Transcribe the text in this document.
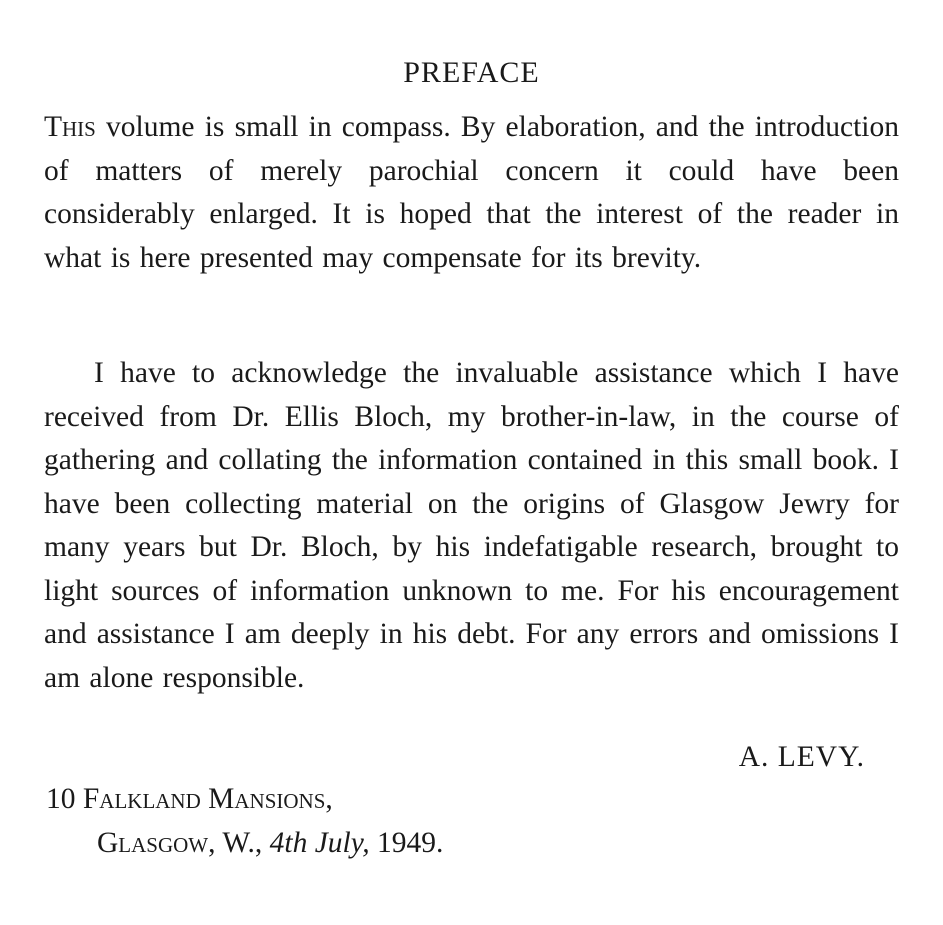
PREFACE

This volume is small in compass. By elaboration, and the introduction of matters of merely parochial concern it could have been considerably enlarged. It is hoped that the interest of the reader in what is here presented may compensate for its brevity.

I have to acknowledge the invaluable assistance which I have received from Dr. Ellis Bloch, my brother-in-law, in the course of gathering and collating the information contained in this small book. I have been collecting material on the origins of Glasgow Jewry for many years but Dr. Bloch, by his indefatigable research, brought to light sources of information unknown to me. For his encouragement and assistance I am deeply in his debt. For any errors and omissions I am alone responsible.

A. LEVY.

10 Falkland Mansions,

Glasgow, W., 4th July, 1949.
